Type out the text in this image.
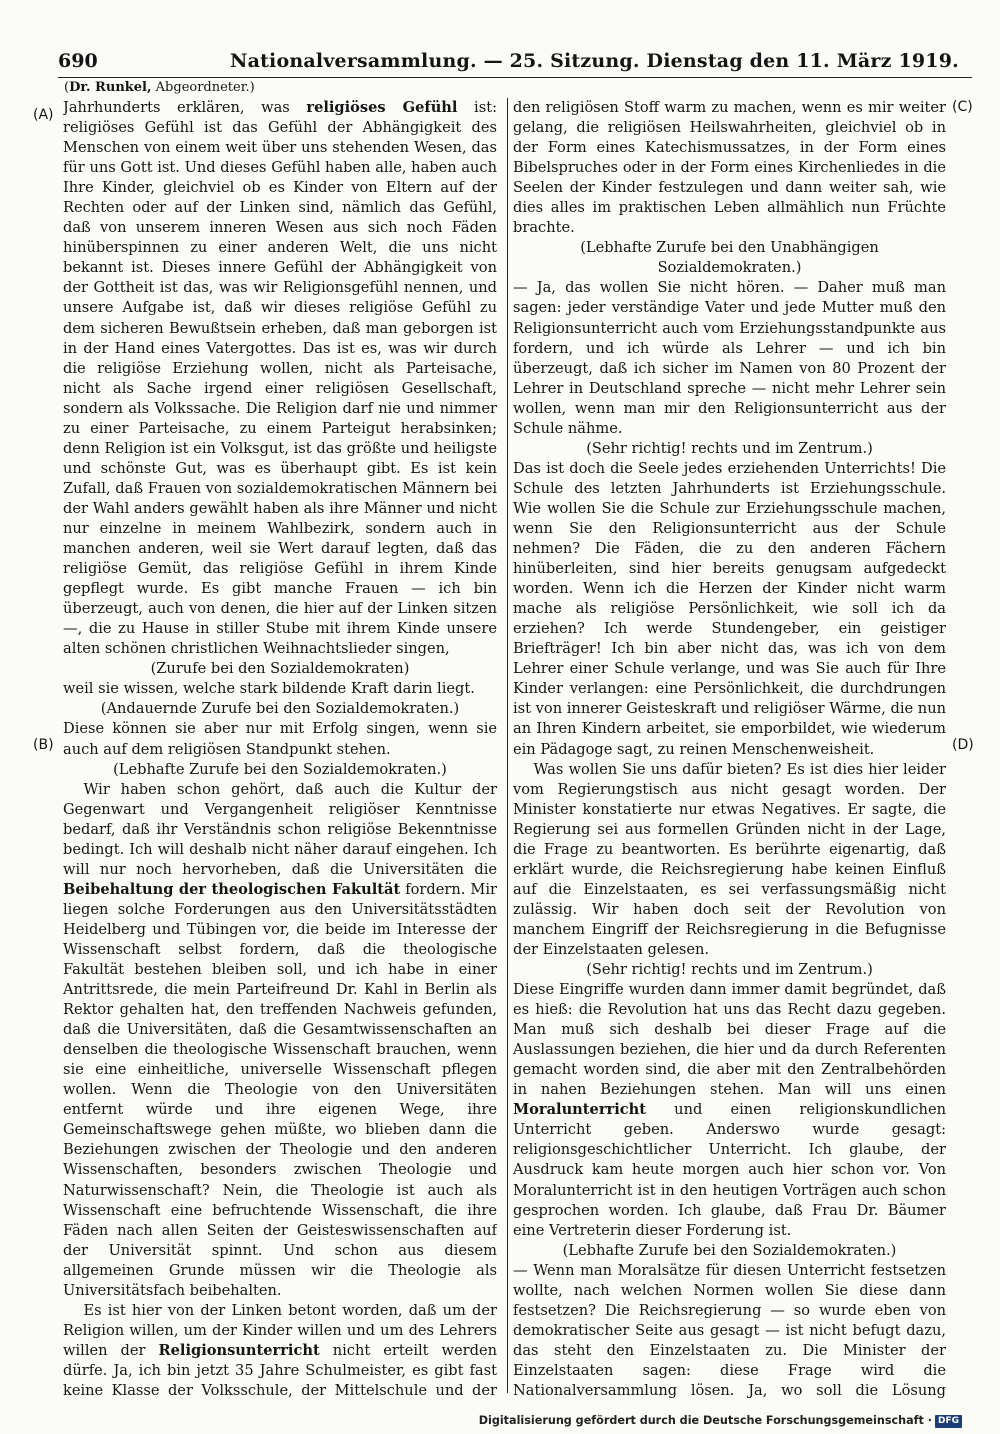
690	Nationalversammlung. — 25. Sitzung. Dienstag den 11. März 1919.
(Dr. Runkel, Abgeordneter.)
(A)
(B)
(C)
(D)

Jahrhunderts erklären, was religiöses Gefühl ist: religiöses Gefühl ist das Gefühl der Abhängigkeit des Menschen von einem weit über uns stehenden Wesen, das für uns Gott ist. Und dieses Gefühl haben alle, haben auch Ihre Kinder, gleichviel ob es Kinder von Eltern auf der Rechten oder auf der Linken sind, nämlich das Gefühl, daß von unserem inneren Wesen aus sich noch Fäden hinüberspinnen zu einer anderen Welt, die uns nicht bekannt ist. Dieses innere Gefühl der Abhängigkeit von der Gottheit ist das, was wir Religionsgefühl nennen, und unsere Aufgabe ist, daß wir dieses religiöse Gefühl zu dem sicheren Bewußtsein erheben, daß man geborgen ist in der Hand eines Vatergottes. Das ist es, was wir durch die religiöse Erziehung wollen, nicht als Parteisache, nicht als Sache irgend einer religiösen Gesellschaft, sondern als Volkssache. Die Religion darf nie und nimmer zu einer Parteisache, zu einem Parteigut herabsinken; denn Religion ist ein Volksgut, ist das größte und heiligste und schönste Gut, was es überhaupt gibt. Es ist kein Zufall, daß Frauen von sozialdemokratischen Männern bei der Wahl anders gewählt haben als ihre Männer und nicht nur einzelne in meinem Wahlbezirk, sondern auch in manchen anderen, weil sie Wert darauf legten, daß das religiöse Gemüt, das religiöse Gefühl in ihrem Kinde gepflegt wurde. Es gibt manche Frauen — ich bin überzeugt, auch von denen, die hier auf der Linken sitzen —, die zu Hause in stiller Stube mit ihrem Kinde unsere alten schönen christlichen Weihnachtslieder singen,

(Zurufe bei den Sozialdemokraten)

weil sie wissen, welche stark bildende Kraft darin liegt.

(Andauernde Zurufe bei den Sozialdemokraten.)

Diese können sie aber nur mit Erfolg singen, wenn sie auch auf dem religiösen Standpunkt stehen.

(Lebhafte Zurufe bei den Sozialdemokraten.)

Wir haben schon gehört, daß auch die Kultur der Gegenwart und Vergangenheit religiöser Kenntnisse bedarf, daß ihr Verständnis schon religiöse Bekenntnisse bedingt. Ich will deshalb nicht näher darauf eingehen. Ich will nur noch hervorheben, daß die Universitäten die Beibehaltung der theologischen Fakultät fordern. Mir liegen solche Forderungen aus den Universitätsstädten Heidelberg und Tübingen vor, die beide im Interesse der Wissenschaft selbst fordern, daß die theologische Fakultät bestehen bleiben soll, und ich habe in einer Antrittsrede, die mein Parteifreund Dr. Kahl in Berlin als Rektor gehalten hat, den treffenden Nachweis gefunden, daß die Universitäten, daß die Gesamtwissenschaften an denselben die theologische Wissenschaft brauchen, wenn sie eine einheitliche, universelle Wissenschaft pflegen wollen. Wenn die Theologie von den Universitäten entfernt würde und ihre eigenen Wege, ihre Gemeinschaftswege gehen müßte, wo blieben dann die Beziehungen zwischen der Theologie und den anderen Wissenschaften, besonders zwischen Theologie und Naturwissenschaft? Nein, die Theologie ist auch als Wissenschaft eine befruchtende Wissenschaft, die ihre Fäden nach allen Seiten der Geisteswissenschaften auf der Universität spinnt. Und schon aus diesem allgemeinen Grunde müssen wir die Theologie als Universitätsfach beibehalten.

Es ist hier von der Linken betont worden, daß um der Religion willen, um der Kinder willen und um des Lehrers willen der Religionsunterricht nicht erteilt werden dürfe. Ja, ich bin jetzt 35 Jahre Schulmeister, es gibt fast keine Klasse der Volksschule, der Mittelschule und der

den religiösen Stoff warm zu machen, wenn es mir weiter gelang, die religiösen Heilswahrheiten, gleichviel ob in der Form eines Katechismussatzes, in der Form eines Bibelspruches oder in der Form eines Kirchenliedes in die Seelen der Kinder festzulegen und dann weiter sah, wie dies alles im praktischen Leben allmählich nun Früchte brachte.

(Lebhafte Zurufe bei den Unabhängigen Sozialdemokraten.)

— Ja, das wollen Sie nicht hören. — Daher muß man sagen: jeder verständige Vater und jede Mutter muß den Religionsunterricht auch vom Erziehungsstandpunkte aus fordern, und ich würde als Lehrer — und ich bin überzeugt, daß ich sicher im Namen von 80 Prozent der Lehrer in Deutschland spreche — nicht mehr Lehrer sein wollen, wenn man mir den Religionsunterricht aus der Schule nähme.

(Sehr richtig! rechts und im Zentrum.)

Das ist doch die Seele jedes erziehenden Unterrichts! Die Schule des letzten Jahrhunderts ist Erziehungsschule. Wie wollen Sie die Schule zur Erziehungsschule machen, wenn Sie den Religionsunterricht aus der Schule nehmen? Die Fäden, die zu den anderen Fächern hinüberleiten, sind hier bereits genugsam aufgedeckt worden. Wenn ich die Herzen der Kinder nicht warm mache als religiöse Persönlichkeit, wie soll ich da erziehen? Ich werde Stundengeber, ein geistiger Briefträger! Ich bin aber nicht das, was ich von dem Lehrer einer Schule verlange, und was Sie auch für Ihre Kinder verlangen: eine Persönlichkeit, die durchdrungen ist von innerer Geisteskraft und religiöser Wärme, die nun an Ihren Kindern arbeitet, sie emporbildet, wie wiederum ein Pädagoge sagt, zu reinen Menschenweisheit.

Was wollen Sie uns dafür bieten? Es ist dies hier leider vom Regierungstisch aus nicht gesagt worden. Der Minister konstatierte nur etwas Negatives. Er sagte, die Regierung sei aus formellen Gründen nicht in der Lage, die Frage zu beantworten. Es berührte eigenartig, daß erklärt wurde, die Reichsregierung habe keinen Einfluß auf die Einzelstaaten, es sei verfassungsmäßig nicht zulässig. Wir haben doch seit der Revolution von manchem Eingriff der Reichsregierung in die Befugnisse der Einzelstaaten gelesen.

(Sehr richtig! rechts und im Zentrum.)

Diese Eingriffe wurden dann immer damit begründet, daß es hieß: die Revolution hat uns das Recht dazu gegeben. Man muß sich deshalb bei dieser Frage auf die Auslassungen beziehen, die hier und da durch Referenten gemacht worden sind, die aber mit den Zentralbehörden in nahen Beziehungen stehen. Man will uns einen Moralunterricht und einen religionskundlichen Unterricht geben. Anderswo wurde gesagt: religionsgeschichtlicher Unterricht. Ich glaube, der Ausdruck kam heute morgen auch hier schon vor. Von Moralunterricht ist in den heutigen Vorträgen auch schon gesprochen worden. Ich glaube, daß Frau Dr. Bäumer eine Vertreterin dieser Forderung ist.

(Lebhafte Zurufe bei den Sozialdemokraten.)

— Wenn man Moralsätze für diesen Unterricht festsetzen wollte, nach welchen Normen wollen Sie diese dann festsetzen? Die Reichsregierung — so wurde eben von demokratischer Seite aus gesagt — ist nicht befugt dazu, das steht den Einzelstaaten zu. Die Minister der Einzelstaaten sagen: diese Frage wird die Nationalversammlung lösen. Ja, wo soll die Lösung

Digitalisierung gefördert durch die Deutsche Forschungsgemeinschaft · DFG
